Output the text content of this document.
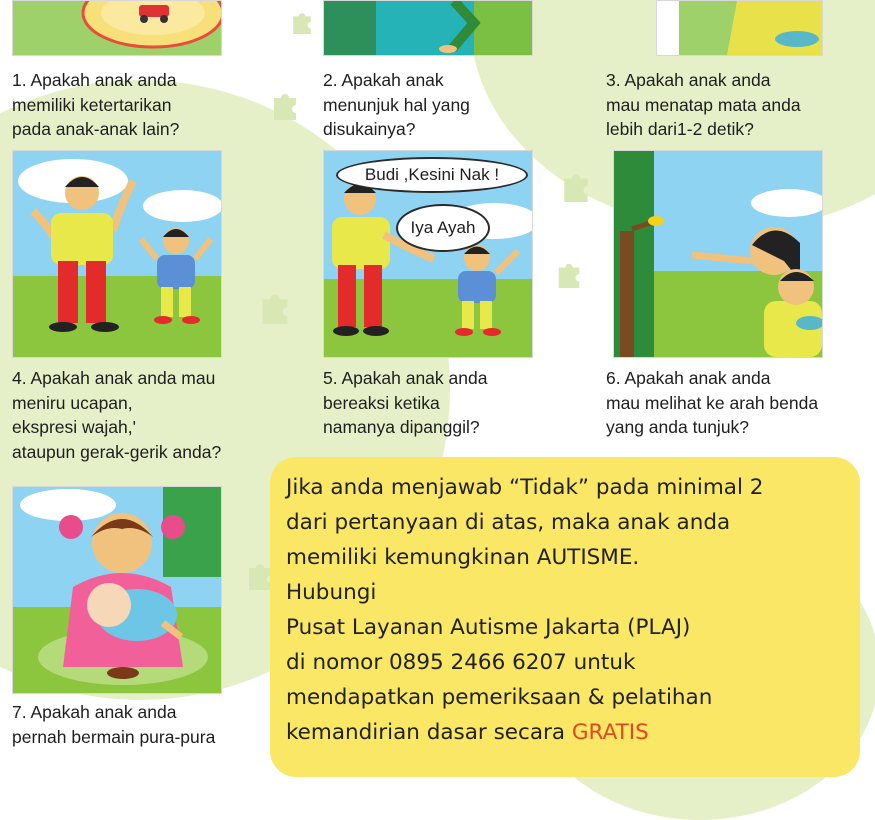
1. Apakah anak anda
memiliki ketertarikan
pada anak-anak lain?

2. Apakah anak
menunjuk hal yang
disukainya?

3. Apakah anak anda
mau menatap mata anda
lebih dari1-2 detik?

Budi ,Kesini Nak !
Iya Ayah

4. Apakah anak anda mau
meniru ucapan,
ekspresi wajah,'
ataupun gerak-gerik anda?

5. Apakah anak anda
bereaksi ketika
namanya dipanggil?

6. Apakah anak anda
mau melihat ke arah benda
yang anda tunjuk?

7. Apakah anak anda
pernah bermain pura-pura

Jika anda menjawab “Tidak” pada minimal 2
dari pertanyaan di atas, maka anak anda
memiliki kemungkinan AUTISME.
Hubungi
Pusat Layanan Autisme Jakarta (PLAJ)
di nomor 0895 2466 6207 untuk
mendapatkan pemeriksaan & pelatihan
kemandirian dasar secara GRATIS
